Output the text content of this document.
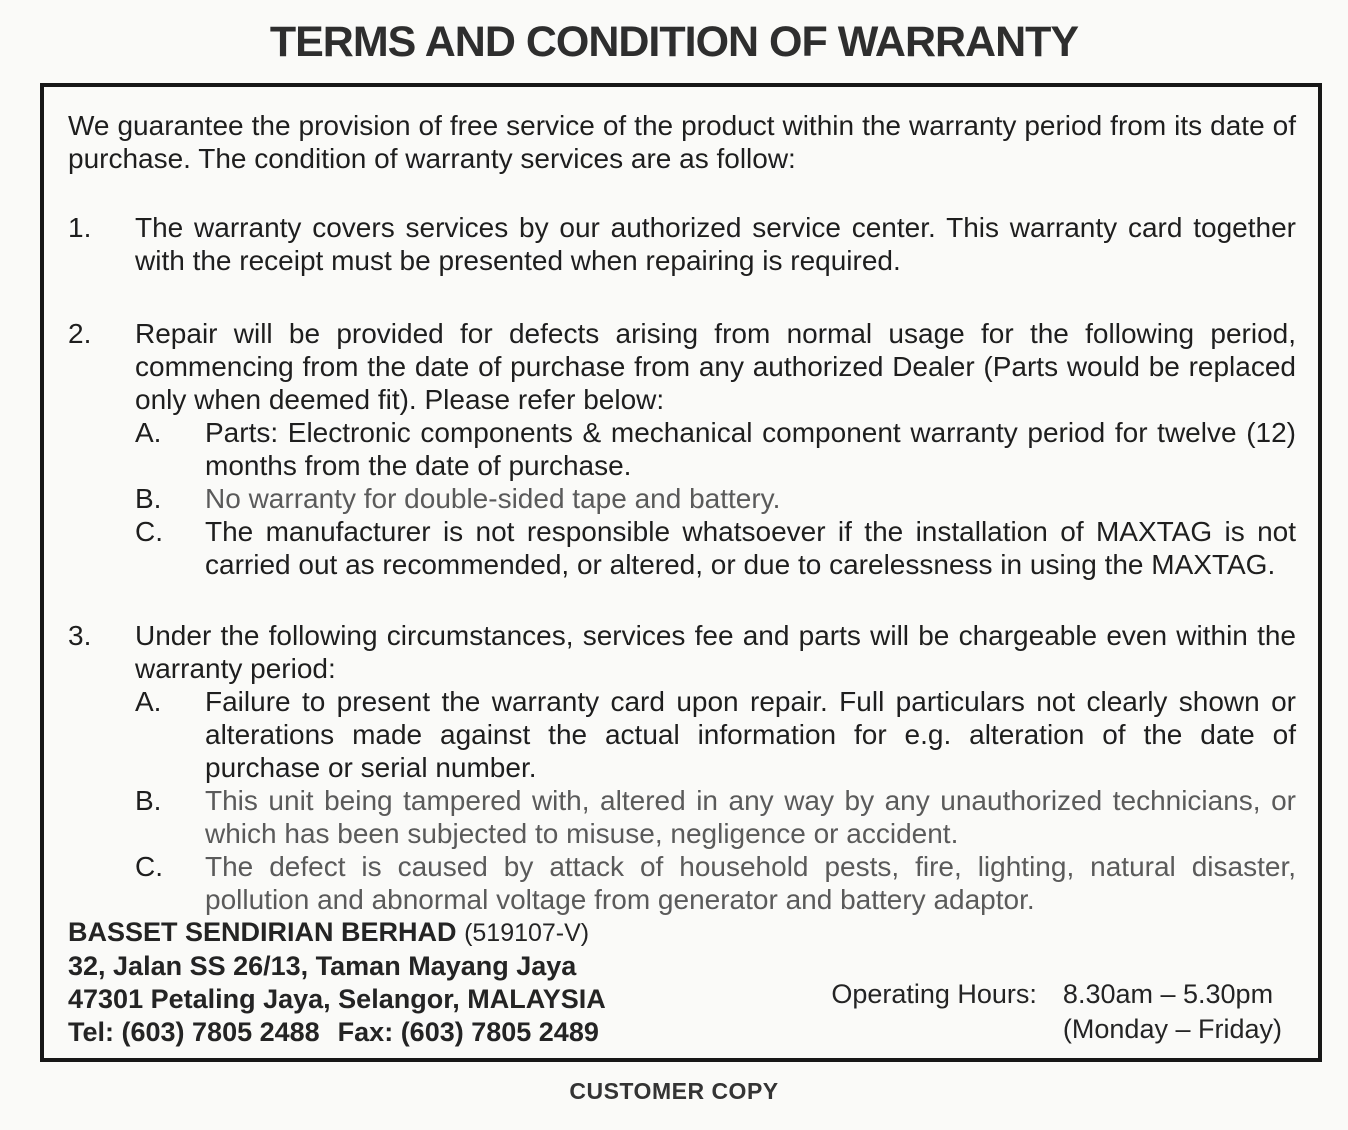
TERMS AND CONDITION OF WARRANTY

We guarantee the provision of free service of the product within the warranty period from its date of purchase. The condition of warranty services are as follow:

1.	The warranty covers services by our authorized service center. This warranty card together with the receipt must be presented when repairing is required.
2.	Repair will be provided for defects arising from normal usage for the following period, commencing from the date of purchase from any authorized Dealer (Parts would be replaced only when deemed fit). Please refer below:
A.	Parts: Electronic components & mechanical component warranty period for twelve (12) months from the date of purchase.
B.	No warranty for double-sided tape and battery.
C.	The manufacturer is not responsible whatsoever if the installation of MAXTAG is not carried out as recommended, or altered, or due to carelessness in using the MAXTAG.
3.	Under the following circumstances, services fee and parts will be chargeable even within the warranty period:
A.	Failure to present the warranty card upon repair. Full particulars not clearly shown or alterations made against the actual information for e.g. alteration of the date of purchase or serial number.
B.	This unit being tampered with, altered in any way by any unauthorized technicians, or which has been subjected to misuse, negligence or accident.
C.	The defect is caused by attack of household pests, fire, lighting, natural disaster, pollution and abnormal voltage from generator and battery adaptor.
BASSET SENDIRIAN BERHAD (519107-V)
32, Jalan SS 26/13, Taman Mayang Jaya
47301 Petaling Jaya, Selangor, MALAYSIA
Tel: (603) 7805 2488 Fax: (603) 7805 2489
Operating Hours: 8.30am – 5.30pm
(Monday – Friday)
CUSTOMER COPY
